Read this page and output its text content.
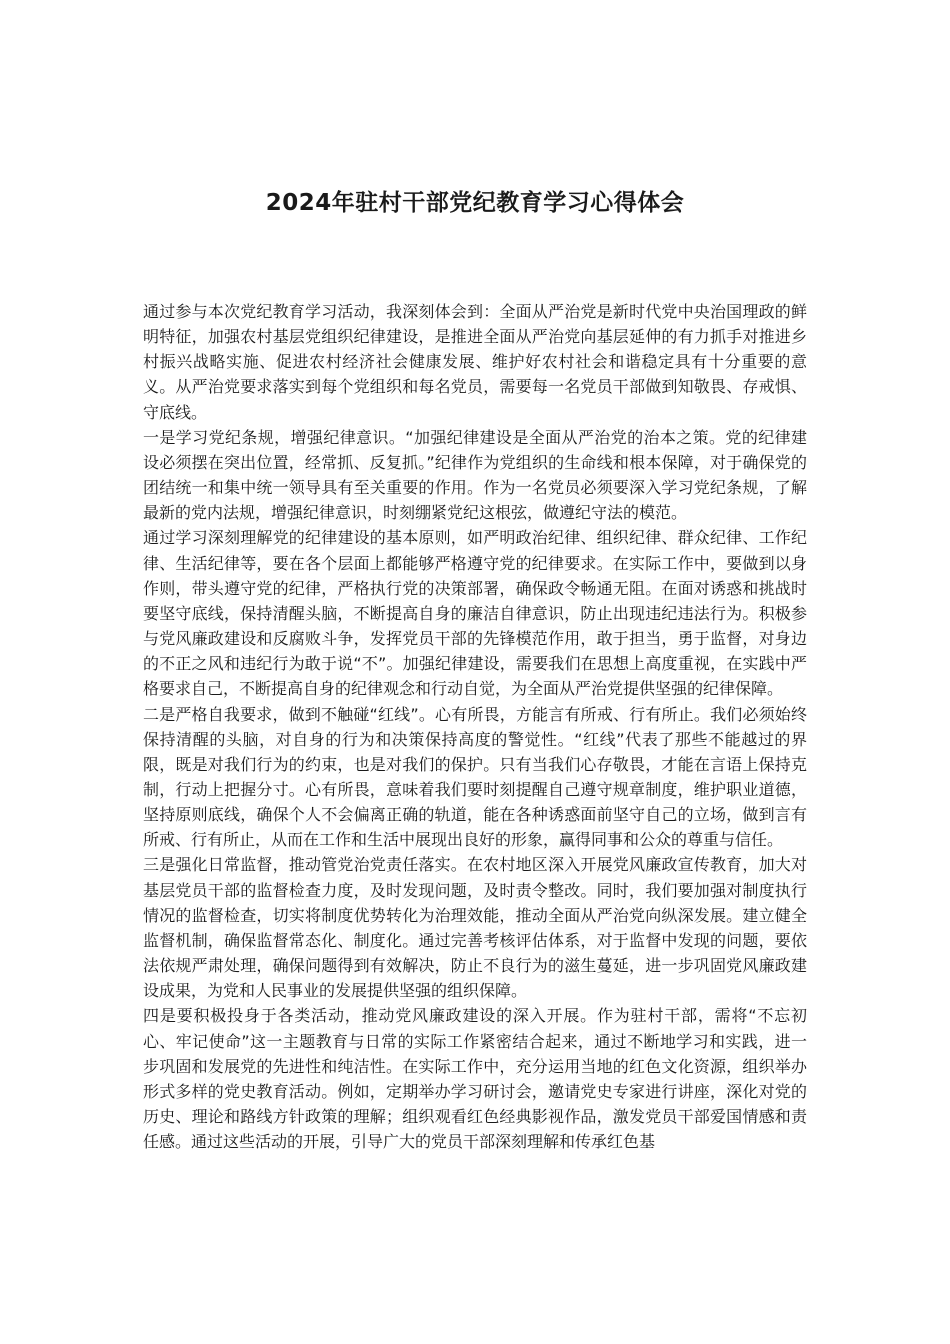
2024年驻村干部党纪教育学习心得体会

通过参与本次党纪教育学习活动，我深刻体会到：全面从严治党是新时代党中央治国理政的鲜明特征，加强农村基层党组织纪律建设，是推进全面从严治党向基层延伸的有力抓手对推进乡村振兴战略实施、促进农村经济社会健康发展、维护好农村社会和谐稳定具有十分重要的意义。从严治党要求落实到每个党组织和每名党员，需要每一名党员干部做到知敬畏、存戒惧、守底线。

一是学习党纪条规，增强纪律意识。“加强纪律建设是全面从严治党的治本之策。党的纪律建设必须摆在突出位置，经常抓、反复抓。”纪律作为党组织的生命线和根本保障，对于确保党的团结统一和集中统一领导具有至关重要的作用。作为一名党员必须要深入学习党纪条规，了解最新的党内法规，增强纪律意识，时刻绷紧党纪这根弦，做遵纪守法的模范。

通过学习深刻理解党的纪律建设的基本原则，如严明政治纪律、组织纪律、群众纪律、工作纪律、生活纪律等，要在各个层面上都能够严格遵守党的纪律要求。在实际工作中，要做到以身作则，带头遵守党的纪律，严格执行党的决策部署，确保政令畅通无阻。在面对诱惑和挑战时要坚守底线，保持清醒头脑，不断提高自身的廉洁自律意识，防止出现违纪违法行为。积极参与党风廉政建设和反腐败斗争，发挥党员干部的先锋模范作用，敢于担当，勇于监督，对身边的不正之风和违纪行为敢于说“不”。加强纪律建设，需要我们在思想上高度重视，在实践中严格要求自己，不断提高自身的纪律观念和行动自觉，为全面从严治党提供坚强的纪律保障。

二是严格自我要求，做到不触碰“红线”。心有所畏，方能言有所戒、行有所止。我们必须始终保持清醒的头脑，对自身的行为和决策保持高度的警觉性。“红线”代表了那些不能越过的界限，既是对我们行为的约束，也是对我们的保护。只有当我们心存敬畏，才能在言语上保持克制，行动上把握分寸。心有所畏，意味着我们要时刻提醒自己遵守规章制度，维护职业道德，坚持原则底线，确保个人不会偏离正确的轨道，能在各种诱惑面前坚守自己的立场，做到言有所戒、行有所止，从而在工作和生活中展现出良好的形象，赢得同事和公众的尊重与信任。

三是强化日常监督，推动管党治党责任落实。在农村地区深入开展党风廉政宣传教育，加大对基层党员干部的监督检查力度，及时发现问题，及时责令整改。同时，我们要加强对制度执行情况的监督检查，切实将制度优势转化为治理效能，推动全面从严治党向纵深发展。建立健全监督机制，确保监督常态化、制度化。通过完善考核评估体系，对于监督中发现的问题，要依法依规严肃处理，确保问题得到有效解决，防止不良行为的滋生蔓延，进一步巩固党风廉政建设成果，为党和人民事业的发展提供坚强的组织保障。

四是要积极投身于各类活动，推动党风廉政建设的深入开展。作为驻村干部，需将“不忘初心、牢记使命”这一主题教育与日常的实际工作紧密结合起来，通过不断地学习和实践，进一步巩固和发展党的先进性和纯洁性。在实际工作中，充分运用当地的红色文化资源，组织举办形式多样的党史教育活动。例如，定期举办学习研讨会，邀请党史专家进行讲座，深化对党的历史、理论和路线方针政策的理解；组织观看红色经典影视作品，激发党员干部爱国情感和责任感。通过这些活动的开展，引导广大的党员干部深刻理解和传承红色基
